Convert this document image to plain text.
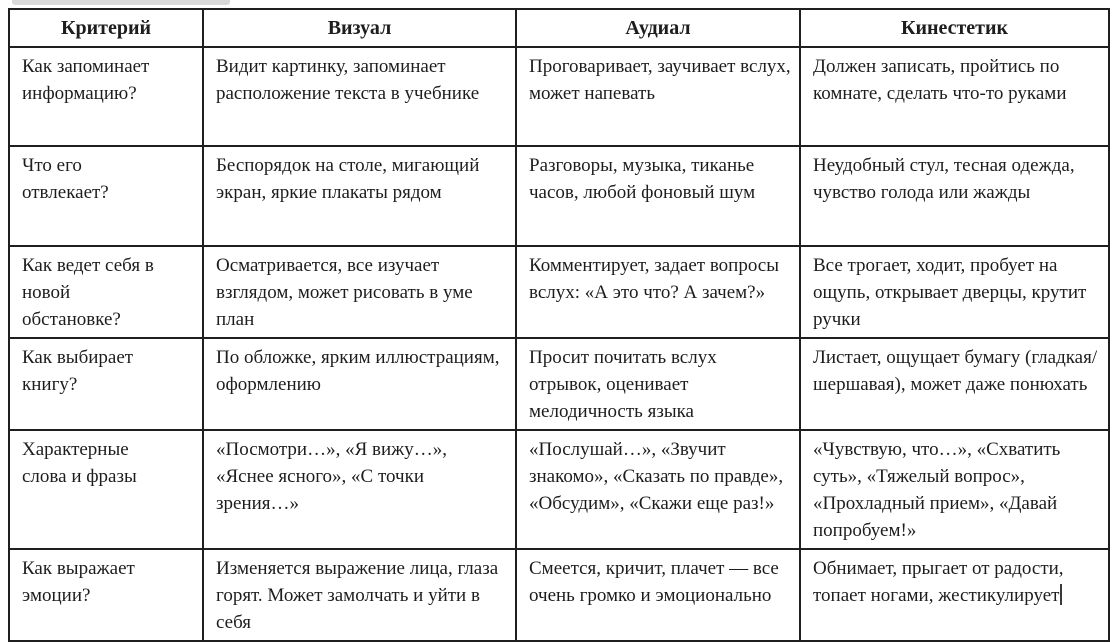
Критерий	Визуал	Аудиал	Кинестетик
Как запоминает информацию?	Видит картинку, запоминает расположение текста в учебнике	Проговаривает, заучивает вслух, может напевать	Должен записать, пройтись по комнате, сделать что-то руками
Что его отвлекает?	Беспорядок на столе, мигающий экран, яркие плакаты рядом	Разговоры, музыка, тиканье часов, любой фоновый шум	Неудобный стул, тесная одежда, чувство голода или жажды
Как ведет себя в новой обстановке?	Осматривается, все изучает взглядом, может рисовать в уме план	Комментирует, задает вопросы вслух: «А это что? А зачем?»	Все трогает, ходит, пробует на ощупь, открывает дверцы, крутит ручки
Как выбирает книгу?	По обложке, ярким иллюстрациям, оформлению	Просит почитать вслух отрывок, оценивает мелодичность языка	Листает, ощущает бумагу (гладкая/шершавая), может даже понюхать
Характерные слова и фразы	«Посмотри…», «Я вижу…», «Яснее ясного», «С точки зрения…»	«Послушай…», «Звучит знакомо», «Сказать по правде», «Обсудим», «Скажи еще раз!»	«Чувствую, что…», «Схватить суть», «Тяжелый вопрос», «Прохладный прием», «Давай попробуем!»
Как выражает эмоции?	Изменяется выражение лица, глаза горят. Может замолчать и уйти в себя	Смеется, кричит, плачет — все очень громко и эмоционально	Обнимает, прыгает от радости, топает ногами, жестикулирует
